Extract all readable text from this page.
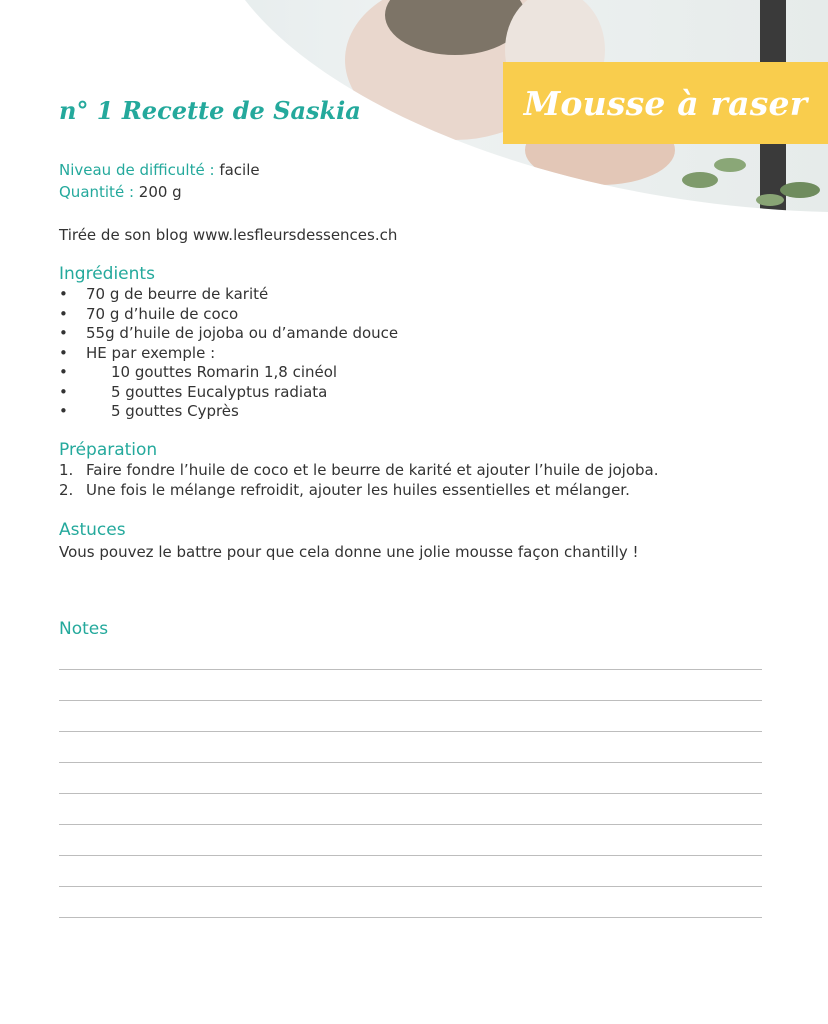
Mousse à raser
n° 1 Recette de Saskia
Niveau de difficulté : facile
Quantité : 200 g
Tirée de son blog www.lesfleursdessences.ch
Ingrédients
• 70 g de beurre de karité
• 70 g d’huile de coco
• 55g d’huile de jojoba ou d’amande douce
• HE par exemple :
• 10 gouttes Romarin 1,8 cinéol
• 5 gouttes Eucalyptus radiata
• 5 gouttes Cyprès
Préparation
1. Faire fondre l’huile de coco et le beurre de karité et ajouter l’huile de jojoba.
2. Une fois le mélange refroidit, ajouter les huiles essentielles et mélanger.
Astuces
Vous pouvez le battre pour que cela donne une jolie mousse façon chantilly !
Notes
